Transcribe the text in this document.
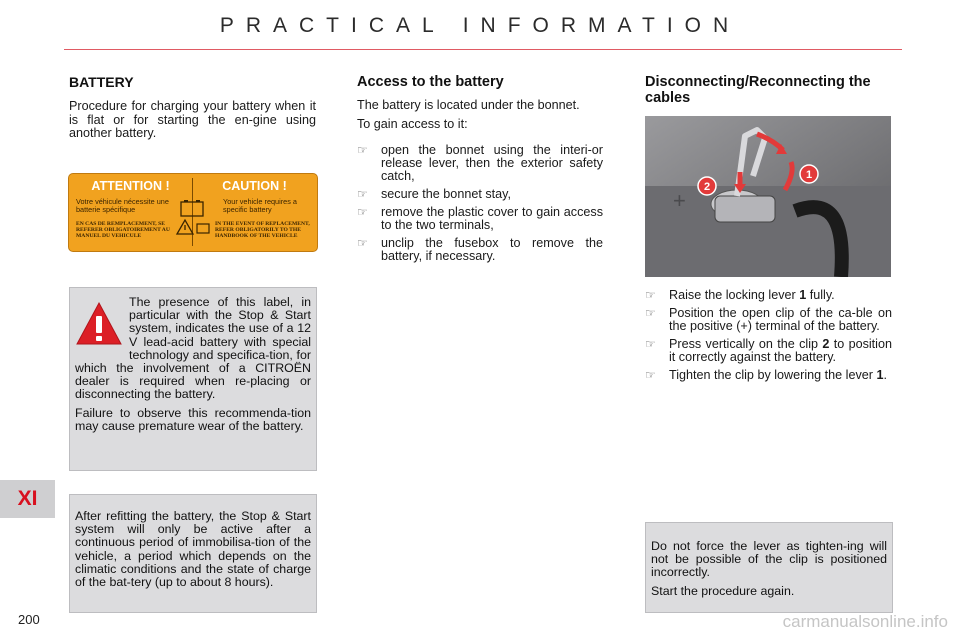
PRACTICAL INFORMATION
XI
BATTERY
Procedure for charging your battery when it is flat or for starting the en-gine using another battery.
ATTENTION !
Votre véhicule nécessite une batterie spécifique
EN CAS DE REMPLACEMENT, SE REFERER OBLIGATOIREMENT AU MANUEL DU VEHICULE
CAUTION !
Your vehicle requires a specific battery
IN THE EVENT OF REPLACEMENT, REFER OBLIGATORILY TO THE HANDBOOK OF THE VEHICLE

The presence of this label, in particular with the Stop & Start system, indicates the use of a 12 V lead-acid battery with special technology and specifica-tion, for which the involvement of a CITROËN dealer is required when re-placing or disconnecting the battery.

Failure to observe this recommenda-tion may cause premature wear of the battery.

After refitting the battery, the Stop & Start system will only be active after a continuous period of immobilisa-tion of the vehicle, a period which depends on the climatic conditions and the state of charge of the bat-tery (up to about 8 hours).

Access to the battery

The battery is located under the bonnet.

To gain access to it:

☞ open the bonnet using the interi-or release lever, then the exterior safety catch,
☞ secure the bonnet stay,
☞ remove the plastic cover to gain access to the two terminals,
☞ unclip the fusebox to remove the battery, if necessary.
Disconnecting/Reconnecting the cables
+
1
2
☞ Raise the locking lever 1 fully.
☞ Position the open clip of the ca-ble on the positive (+) terminal of the battery.
☞ Press vertically on the clip 2 to position it correctly against the battery.
☞ Tighten the clip by lowering the lever 1.

Do not force the lever as tighten-ing will not be possible of the clip is positioned incorrectly.

Start the procedure again.

200	carmanualsonline.info
